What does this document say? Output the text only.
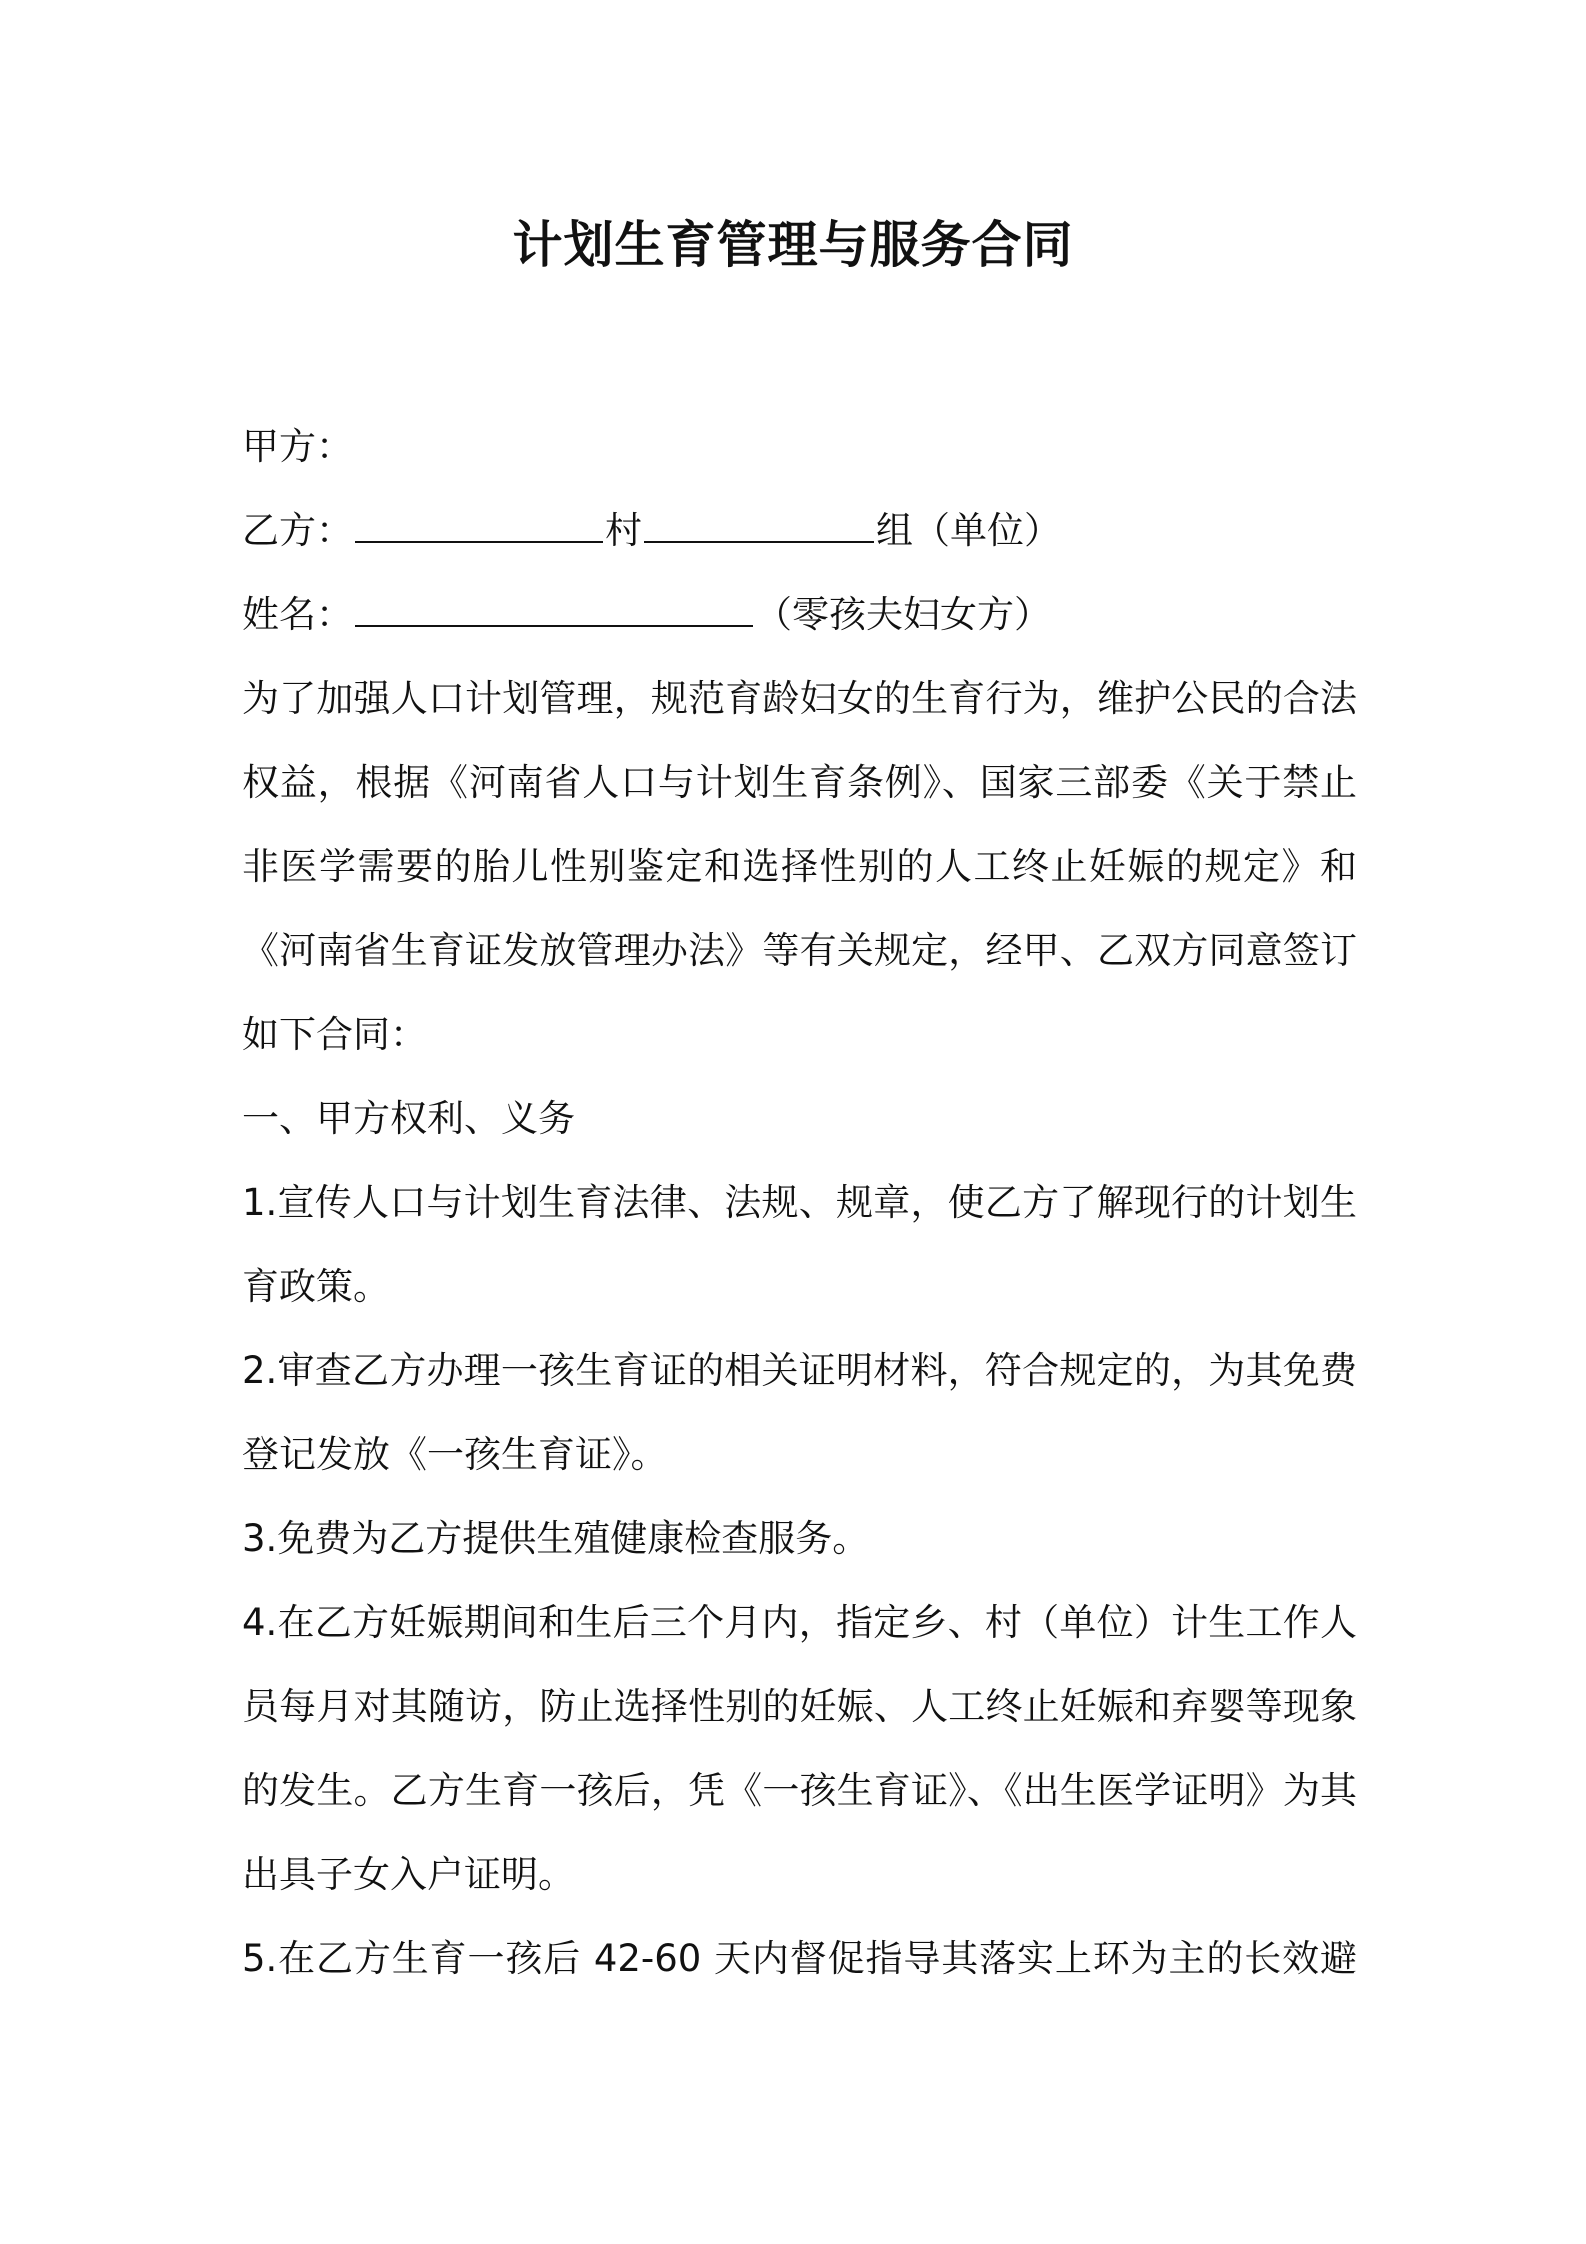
计划生育管理与服务合同
甲方：
乙方：	村	组（单位）
姓名：	（零孩夫妇女方）
为了加强人口计划管理，规范育龄妇女的生育行为，维护公民的合法权益，根据《河南省人口与计划生育条例》、国家三部委《关于禁止非医学需要的胎儿性别鉴定和选择性别的人工终止妊娠的规定》和《河南省生育证发放管理办法》等有关规定，经甲、乙双方同意签订如下合同：
一、甲方权利、义务
1.宣传人口与计划生育法律、法规、规章，使乙方了解现行的计划生育政策。
2.审查乙方办理一孩生育证的相关证明材料，符合规定的，为其免费登记发放《一孩生育证》。
3.免费为乙方提供生殖健康检查服务。
4.在乙方妊娠期间和生后三个月内，指定乡、村（单位）计生工作人员每月对其随访，防止选择性别的妊娠、人工终止妊娠和弃婴等现象的发生。乙方生育一孩后，凭《一孩生育证》、《出生医学证明》为其出具子女入户证明。
5.在乙方生育一孩后 42-60 天内督促指导其落实上环为主的长效避
